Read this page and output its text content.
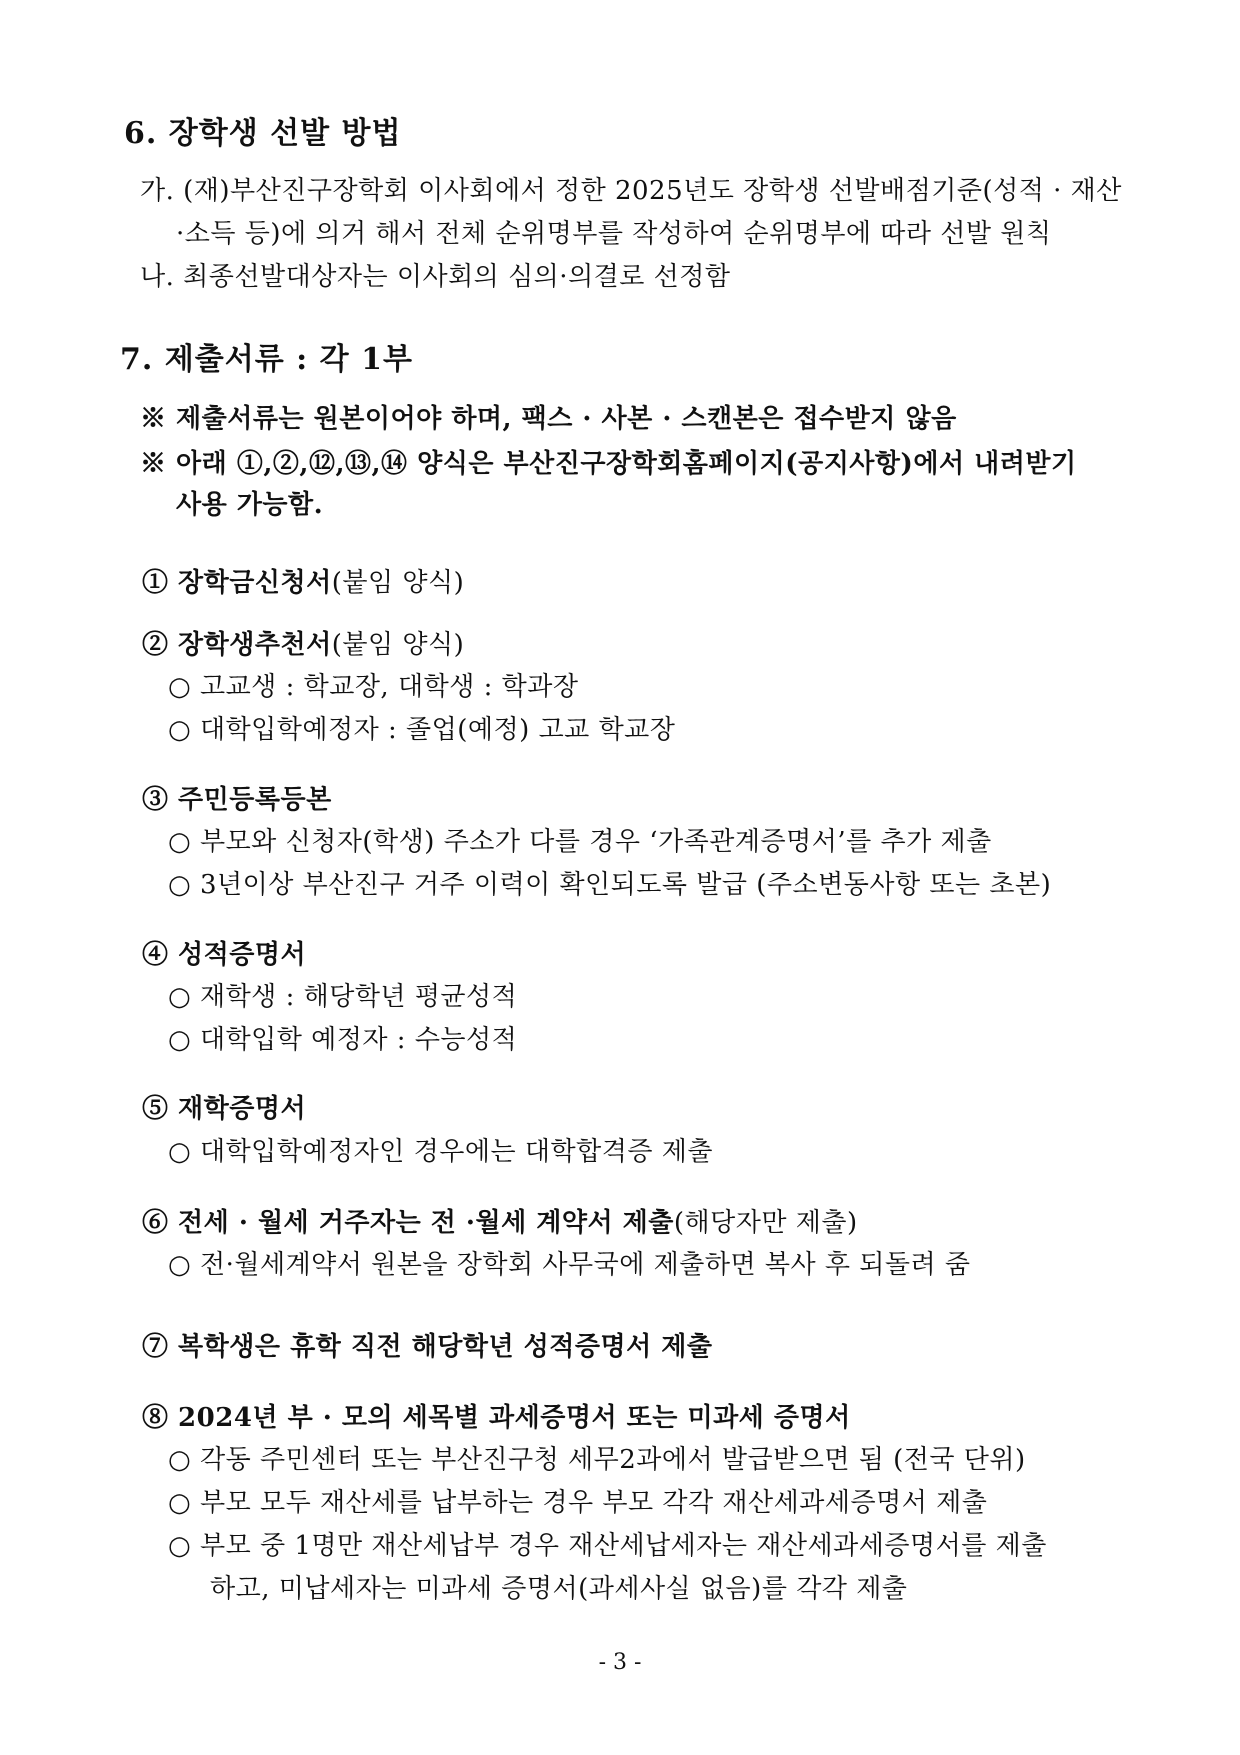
6. 장학생 선발 방법
가. (재)부산진구장학회 이사회에서 정한 2025년도 장학생 선발배점기준(성적 · 재산
·소득 등)에 의거 해서 전체 순위명부를 작성하여 순위명부에 따라 선발 원칙
나. 최종선발대상자는 이사회의 심의·의결로 선정함
7. 제출서류 : 각 1부
※ 제출서류는 원본이어야 하며, 팩스 · 사본 · 스캔본은 접수받지 않음
※ 아래 ①,②,⑫,⑬,⑭ 양식은 부산진구장학회홈페이지(공지사항)에서 내려받기
사용 가능함.
① 장학금신청서(붙임 양식)
② 장학생추천서(붙임 양식)
○ 고교생 : 학교장, 대학생 : 학과장
○ 대학입학예정자 : 졸업(예정) 고교 학교장
③ 주민등록등본
○ 부모와 신청자(학생) 주소가 다를 경우 ‘가족관계증명서’를 추가 제출
○ 3년이상 부산진구 거주 이력이 확인되도록 발급 (주소변동사항 또는 초본)
④ 성적증명서
○ 재학생 : 해당학년 평균성적
○ 대학입학 예정자 : 수능성적
⑤ 재학증명서
○ 대학입학예정자인 경우에는 대학합격증 제출
⑥ 전세 · 월세 거주자는 전 ·월세 계약서 제출(해당자만 제출)
○ 전·월세계약서 원본을 장학회 사무국에 제출하면 복사 후 되돌려 줌
⑦ 복학생은 휴학 직전 해당학년 성적증명서 제출
⑧ 2024년 부 · 모의 세목별 과세증명서 또는 미과세 증명서
○ 각동 주민센터 또는 부산진구청 세무2과에서 발급받으면 됨 (전국 단위)
○ 부모 모두 재산세를 납부하는 경우 부모 각각 재산세과세증명서 제출
○ 부모 중 1명만 재산세납부 경우 재산세납세자는 재산세과세증명서를 제출
하고, 미납세자는 미과세 증명서(과세사실 없음)를 각각 제출
- 3 -
